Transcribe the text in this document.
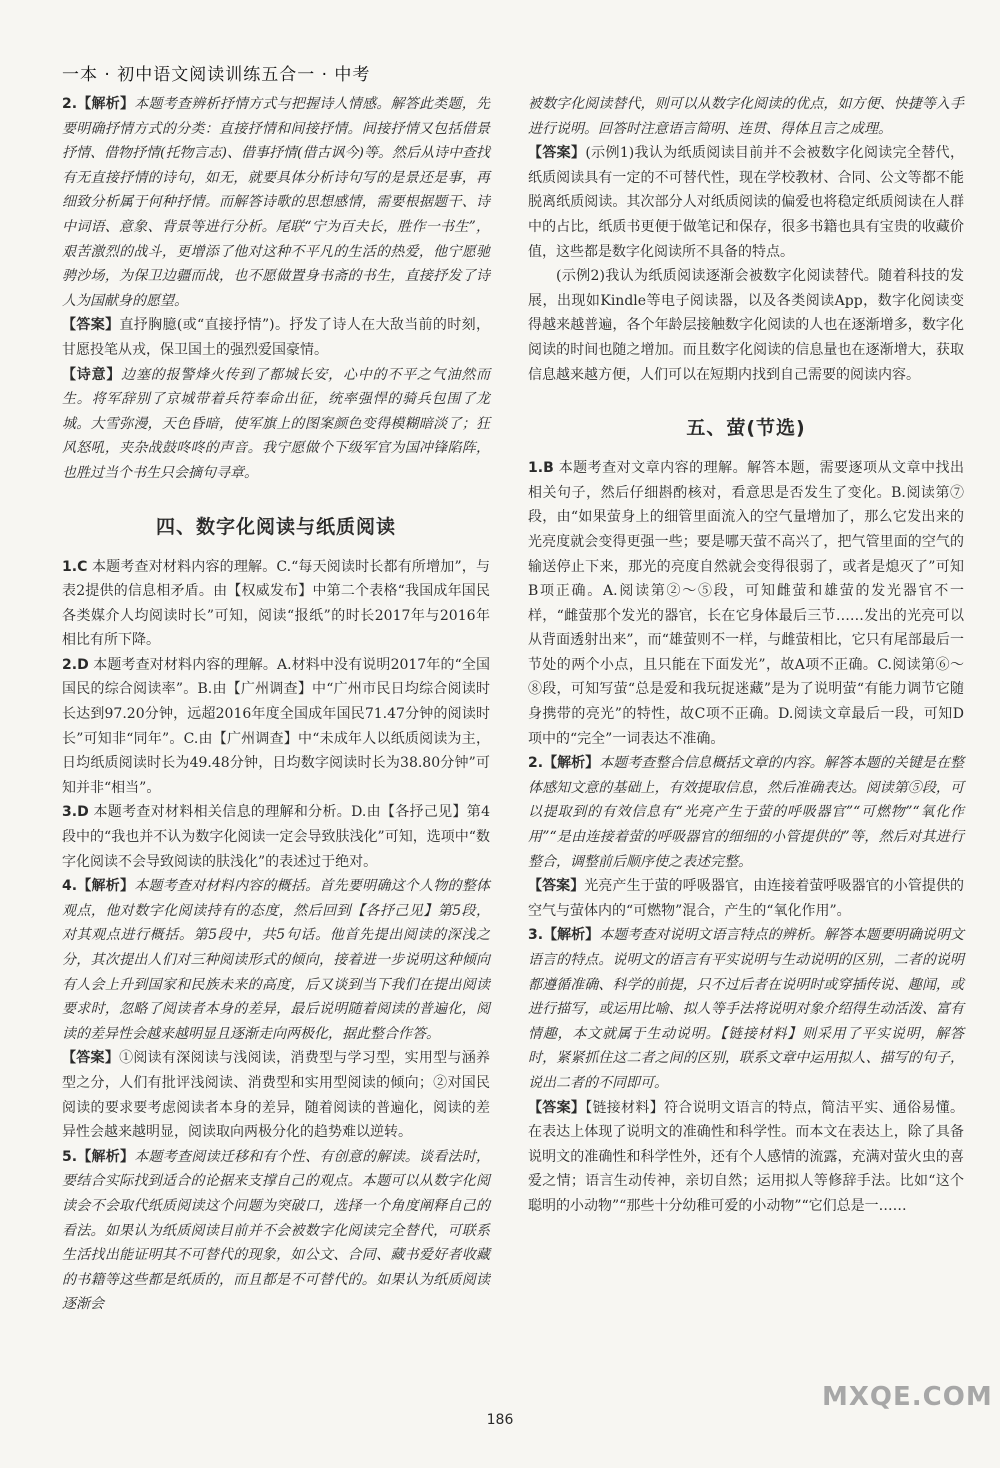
一本 · 初中语文阅读训练五合一 · 中考

2.【解析】本题考查辨析抒情方式与把握诗人情感。解答此类题，先要明确抒情方式的分类：直接抒情和间接抒情。间接抒情又包括借景抒情、借物抒情(托物言志)、借事抒情(借古讽今)等。然后从诗中查找有无直接抒情的诗句，如无，就要具体分析诗句写的是景还是事，再细致分析属于何种抒情。而解答诗歌的思想感情，需要根据题干、诗中词语、意象、背景等进行分析。尾联“宁为百夫长，胜作一书生”，艰苦激烈的战斗，更增添了他对这种不平凡的生活的热爱，他宁愿驰骋沙场，为保卫边疆而战，也不愿做置身书斋的书生，直接抒发了诗人为国献身的愿望。

【答案】直抒胸臆(或“直接抒情”)。抒发了诗人在大敌当前的时刻，甘愿投笔从戎，保卫国土的强烈爱国豪情。

【诗意】边塞的报警烽火传到了都城长安，心中的不平之气油然而生。将军辞别了京城带着兵符奉命出征，统率强悍的骑兵包围了龙城。大雪弥漫，天色昏暗，使军旗上的图案颜色变得模糊暗淡了；狂风怒吼，夹杂战鼓咚咚的声音。我宁愿做个下级军官为国冲锋陷阵，也胜过当个书生只会摘句寻章。

四、数字化阅读与纸质阅读

1.C 本题考查对材料内容的理解。C.“每天阅读时长都有所增加”，与表2提供的信息相矛盾。由【权威发布】中第二个表格“我国成年国民各类媒介人均阅读时长”可知，阅读“报纸”的时长2017年与2016年相比有所下降。

2.D 本题考查对材料内容的理解。A.材料中没有说明2017年的“全国国民的综合阅读率”。B.由【广州调查】中“广州市民日均综合阅读时长达到97.20分钟，远超2016年度全国成年国民71.47分钟的阅读时长”可知非“同年”。C.由【广州调查】中“未成年人以纸质阅读为主，日均纸质阅读时长为49.48分钟，日均数字阅读时长为38.80分钟”可知并非“相当”。

3.D 本题考查对材料相关信息的理解和分析。D.由【各抒己见】第4段中的“我也并不认为数字化阅读一定会导致肤浅化”可知，选项中“数字化阅读不会导致阅读的肤浅化”的表述过于绝对。

4.【解析】本题考查对材料内容的概括。首先要明确这个人物的整体观点，他对数字化阅读持有的态度，然后回到【各抒己见】第5段，对其观点进行概括。第5段中，共5句话。他首先提出阅读的深浅之分，其次提出人们对三种阅读形式的倾向，接着进一步说明这种倾向有人会上升到国家和民族未来的高度，后又谈到当下我们在提出阅读要求时，忽略了阅读者本身的差异，最后说明随着阅读的普遍化，阅读的差异性会越来越明显且逐渐走向两极化，据此整合作答。

【答案】①阅读有深阅读与浅阅读，消费型与学习型，实用型与涵养型之分，人们有批评浅阅读、消费型和实用型阅读的倾向；②对国民阅读的要求要考虑阅读者本身的差异，随着阅读的普遍化，阅读的差异性会越来越明显，阅读取向两极分化的趋势难以逆转。

5.【解析】本题考查阅读迁移和有个性、有创意的解读。谈看法时，要结合实际找到适合的论据来支撑自己的观点。本题可以从数字化阅读会不会取代纸质阅读这个问题为突破口，选择一个角度阐释自己的看法。如果认为纸质阅读目前并不会被数字化阅读完全替代，可联系生活找出能证明其不可替代的现象，如公文、合同、藏书爱好者收藏的书籍等这些都是纸质的，而且都是不可替代的。如果认为纸质阅读逐渐会

被数字化阅读替代，则可以从数字化阅读的优点，如方便、快捷等入手进行说明。回答时注意语言简明、连贯、得体且言之成理。

【答案】(示例1)我认为纸质阅读目前并不会被数字化阅读完全替代，纸质阅读具有一定的不可替代性，现在学校教材、合同、公文等都不能脱离纸质阅读。其次部分人对纸质阅读的偏爱也将稳定纸质阅读在人群中的占比，纸质书更便于做笔记和保存，很多书籍也具有宝贵的收藏价值，这些都是数字化阅读所不具备的特点。

(示例2)我认为纸质阅读逐渐会被数字化阅读替代。随着科技的发展，出现如Kindle等电子阅读器，以及各类阅读App，数字化阅读变得越来越普遍，各个年龄层接触数字化阅读的人也在逐渐增多，数字化阅读的时间也随之增加。而且数字化阅读的信息量也在逐渐增大，获取信息越来越方便，人们可以在短期内找到自己需要的阅读内容。

五、萤(节选)

1.B 本题考查对文章内容的理解。解答本题，需要逐项从文章中找出相关句子，然后仔细斟酌核对，看意思是否发生了变化。B.阅读第⑦段，由“如果萤身上的细管里面流入的空气量增加了，那么它发出来的光亮度就会变得更强一些；要是哪天萤不高兴了，把气管里面的空气的输送停止下来，那光的亮度自然就会变得很弱了，或者是熄灭了”可知B项正确。A.阅读第②～⑤段，可知雌萤和雄萤的发光器官不一样，“雌萤那个发光的器官，长在它身体最后三节……发出的光亮可以从背面透射出来”，而“雄萤则不一样，与雌萤相比，它只有尾部最后一节处的两个小点，且只能在下面发光”，故A项不正确。C.阅读第⑥～⑧段，可知写萤“总是爱和我玩捉迷藏”是为了说明萤“有能力调节它随身携带的亮光”的特性，故C项不正确。D.阅读文章最后一段，可知D项中的“完全”一词表达不准确。

2.【解析】本题考查整合信息概括文章的内容。解答本题的关键是在整体感知文意的基础上，有效提取信息，然后准确表达。阅读第⑤段，可以提取到的有效信息有“光亮产生于萤的呼吸器官”“可燃物”“氧化作用”“是由连接着萤的呼吸器官的细细的小管提供的”等，然后对其进行整合，调整前后顺序使之表述完整。

【答案】光亮产生于萤的呼吸器官，由连接着萤呼吸器官的小管提供的空气与萤体内的“可燃物”混合，产生的“氧化作用”。

3.【解析】本题考查对说明文语言特点的辨析。解答本题要明确说明文语言的特点。说明文的语言有平实说明与生动说明的区别，二者的说明都遵循准确、科学的前提，只不过后者在说明时或穿插传说、趣闻，或进行描写，或运用比喻、拟人等手法将说明对象介绍得生动活泼、富有情趣，本文就属于生动说明。【链接材料】则采用了平实说明，解答时，紧紧抓住这二者之间的区别，联系文章中运用拟人、描写的句子，说出二者的不同即可。

【答案】【链接材料】符合说明文语言的特点，简洁平实、通俗易懂。在表达上体现了说明文的准确性和科学性。而本文在表达上，除了具备说明文的准确性和科学性外，还有个人感情的流露，充满对萤火虫的喜爱之情；语言生动传神，亲切自然；运用拟人等修辞手法。比如“这个聪明的小动物”“那些十分幼稚可爱的小动物”“它们总是一……

186
MXQE.COM
